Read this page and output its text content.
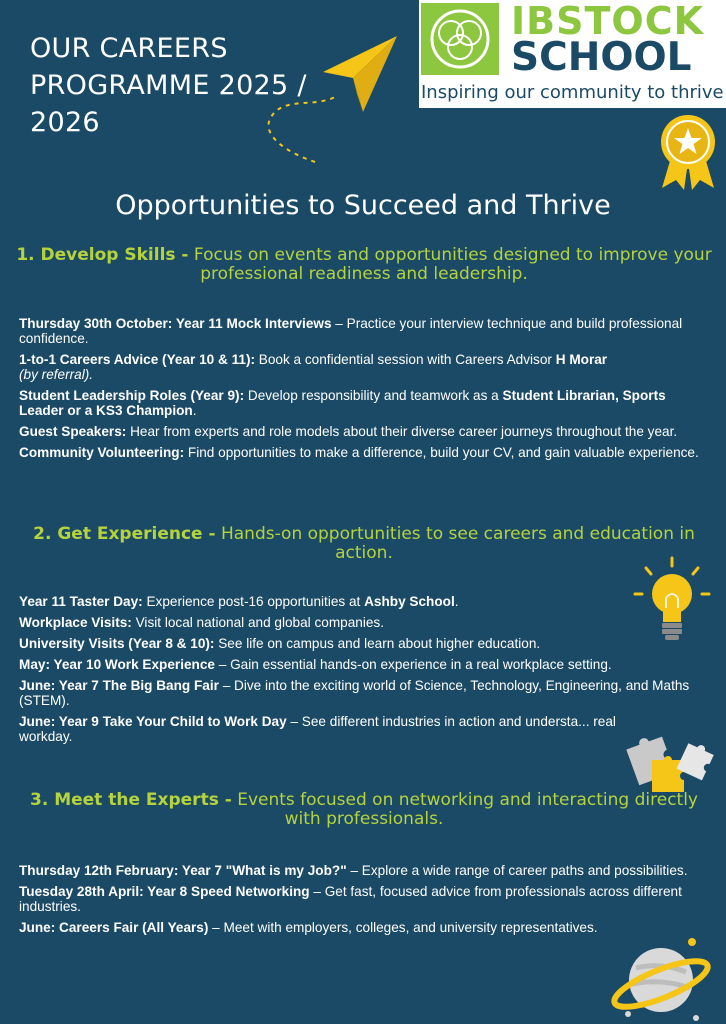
OUR CAREERS PROGRAMME 2025 / 2026
IBSTOCK
SCHOOL
Inspiring our community to thrive
Opportunities to Succeed and Thrive
1. Develop Skills - Focus on events and opportunities designed to improve your professional readiness and leadership.
Thursday 30th October: Year 11 Mock Interviews – Practice your interview technique and build professional confidence.
1-to-1 Careers Advice (Year 10 & 11): Book a confidential session with Careers Advisor H Morar
(by referral).
Student Leadership Roles (Year 9): Develop responsibility and teamwork as a Student Librarian, Sports Leader or a KS3 Champion.
Guest Speakers: Hear from experts and role models about their diverse career journeys throughout the year.
Community Volunteering: Find opportunities to make a difference, build your CV, and gain valuable experience.
2. Get Experience - Hands-on opportunities to see careers and education in action.
Year 11 Taster Day: Experience post-16 opportunities at Ashby School.
Workplace Visits: Visit local national and global companies.
University Visits (Year 8 & 10): See life on campus and learn about higher education.
May: Year 10 Work Experience – Gain essential hands-on experience in a real workplace setting.
June: Year 7 The Big Bang Fair – Dive into the exciting world of Science, Technology, Engineering, and Maths (STEM).
June: Year 9 Take Your Child to Work Day – See different industries in action and understa... real workday.
3. Meet the Experts - Events focused on networking and interacting directly with professionals.
Thursday 12th February: Year 7 "What is my Job?" – Explore a wide range of career paths and possibilities.
Tuesday 28th April: Year 8 Speed Networking – Get fast, focused advice from professionals across different industries.
June: Careers Fair (All Years) – Meet with employers, colleges, and university representatives.
